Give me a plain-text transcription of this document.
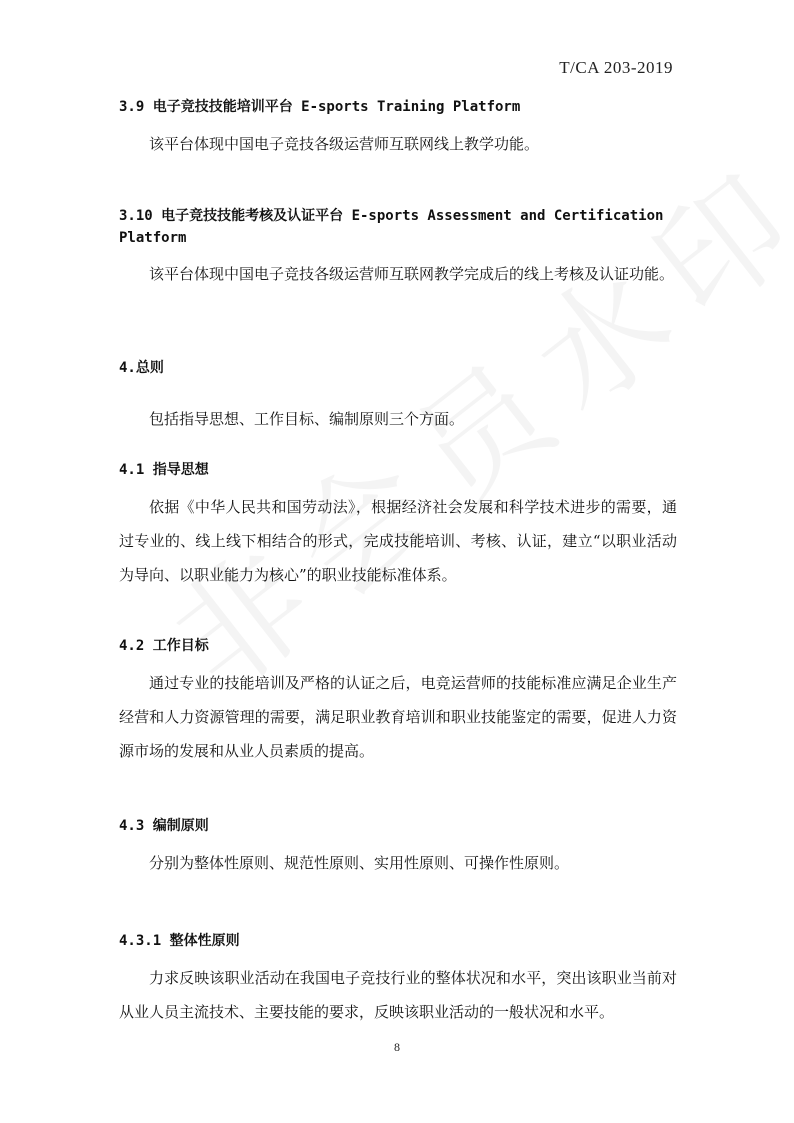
T/CA 203-2019
3.9 电子竞技技能培训平台 E-sports Training Platform
该平台体现中国电子竞技各级运营师互联网线上教学功能。
3.10 电子竞技技能考核及认证平台 E-sports Assessment and Certification Platform
该平台体现中国电子竞技各级运营师互联网教学完成后的线上考核及认证功能。
4.总则
包括指导思想、工作目标、编制原则三个方面。
4.1 指导思想
依据《中华人民共和国劳动法》，根据经济社会发展和科学技术进步的需要，通过专业的、线上线下相结合的形式，完成技能培训、考核、认证，建立“以职业活动为导向、以职业能力为核心”的职业技能标准体系。
4.2 工作目标
通过专业的技能培训及严格的认证之后，电竞运营师的技能标准应满足企业生产经营和人力资源管理的需要，满足职业教育培训和职业技能鉴定的需要，促进人力资源市场的发展和从业人员素质的提高。
4.3 编制原则
分别为整体性原则、规范性原则、实用性原则、可操作性原则。
4.3.1 整体性原则
力求反映该职业活动在我国电子竞技行业的整体状况和水平，突出该职业当前对从业人员主流技术、主要技能的要求，反映该职业活动的一般状况和水平。
8
